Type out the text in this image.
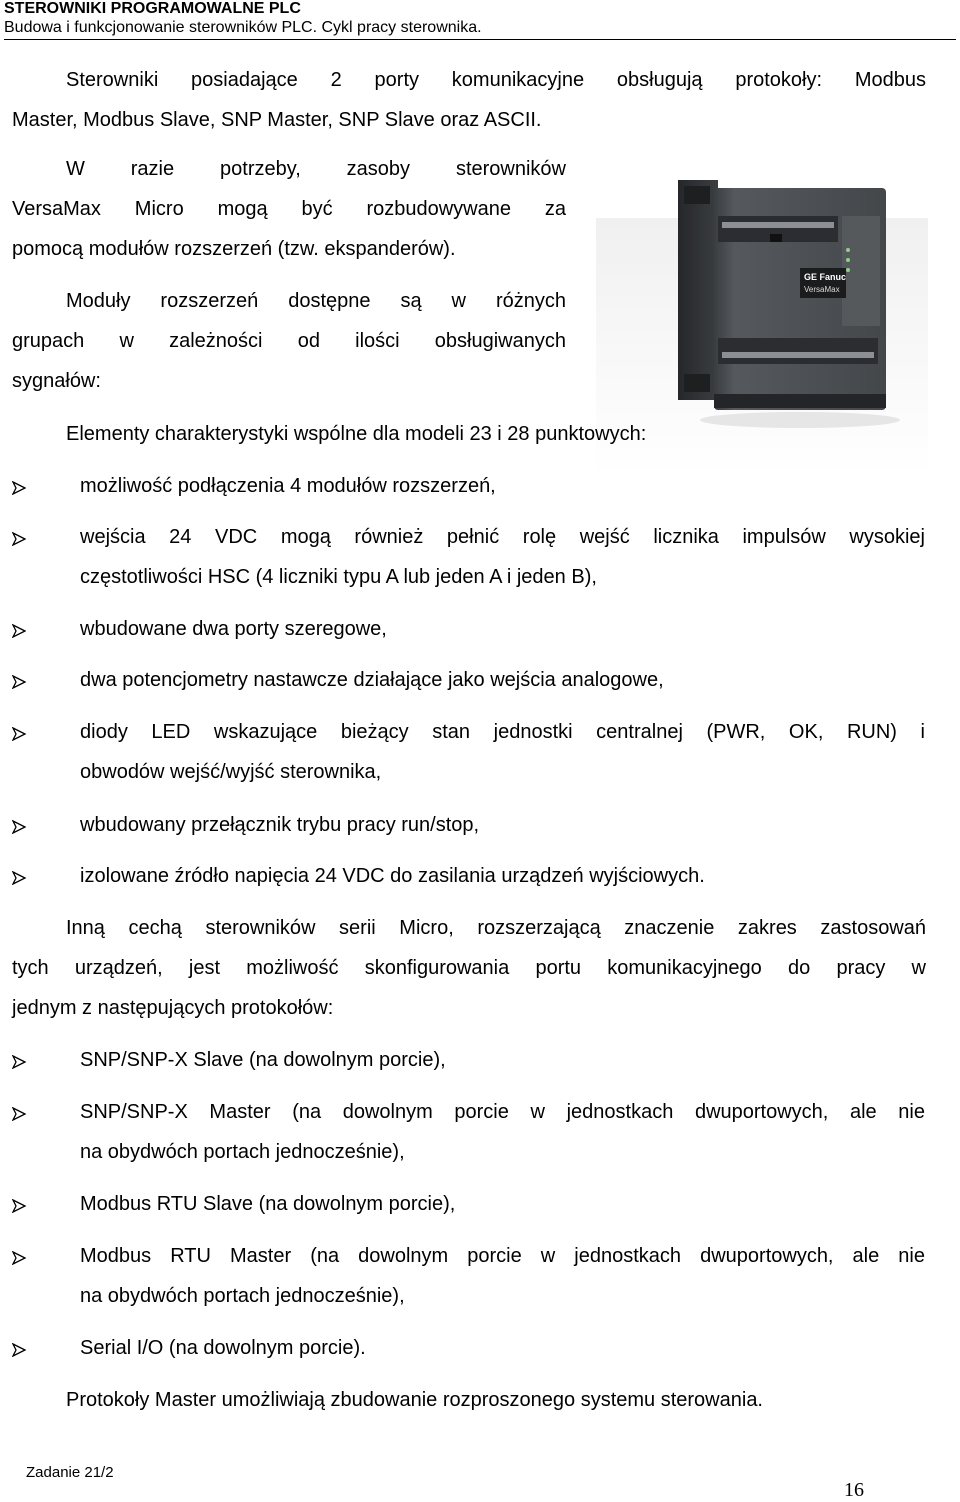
STEROWNIKI PROGRAMOWALNE PLC
Budowa i funkcjonowanie sterowników PLC. Cykl pracy sterownika.
Sterowniki posiadające 2 porty komunikacyjne obsługują protokoły: Modbus
Master, Modbus Slave, SNP Master, SNP Slave oraz ASCII.
W razie potrzeby, zasoby sterowników
VersaMax Micro mogą być rozbudowywane za
pomocą modułów rozszerzeń (tzw. ekspanderów).
Moduły rozszerzeń dostępne są w różnych
grupach w zależności od ilości obsługiwanych
sygnałów:
GE Fanuc
VersaMax
Elementy charakterystyki wspólne dla modeli 23 i 28 punktowych:
możliwość podłączenia 4 modułów rozszerzeń,
wejścia 24 VDC mogą również pełnić rolę wejść licznika impulsów wysokiej
częstotliwości HSC (4 liczniki typu A lub jeden A i jeden B),
wbudowane dwa porty szeregowe,
dwa potencjometry nastawcze działające jako wejścia analogowe,
diody LED wskazujące bieżący stan jednostki centralnej (PWR, OK, RUN) i
obwodów wejść/wyjść sterownika,
wbudowany przełącznik trybu pracy run/stop,
izolowane źródło napięcia 24 VDC do zasilania urządzeń wyjściowych.
Inną cechą sterowników serii Micro, rozszerzającą znaczenie zakres zastosowań
tych urządzeń, jest możliwość skonfigurowania portu komunikacyjnego do pracy w
jednym z następujących protokołów:
SNP/SNP-X Slave (na dowolnym porcie),
SNP/SNP-X Master (na dowolnym porcie w jednostkach dwuportowych, ale nie
na obydwóch portach jednocześnie),
Modbus RTU Slave (na dowolnym porcie),
Modbus RTU Master (na dowolnym porcie w jednostkach dwuportowych, ale nie
na obydwóch portach jednocześnie),
Serial I/O (na dowolnym porcie).
Protokoły Master umożliwiają zbudowanie rozproszonego systemu sterowania.
Zadanie 21/2
16
